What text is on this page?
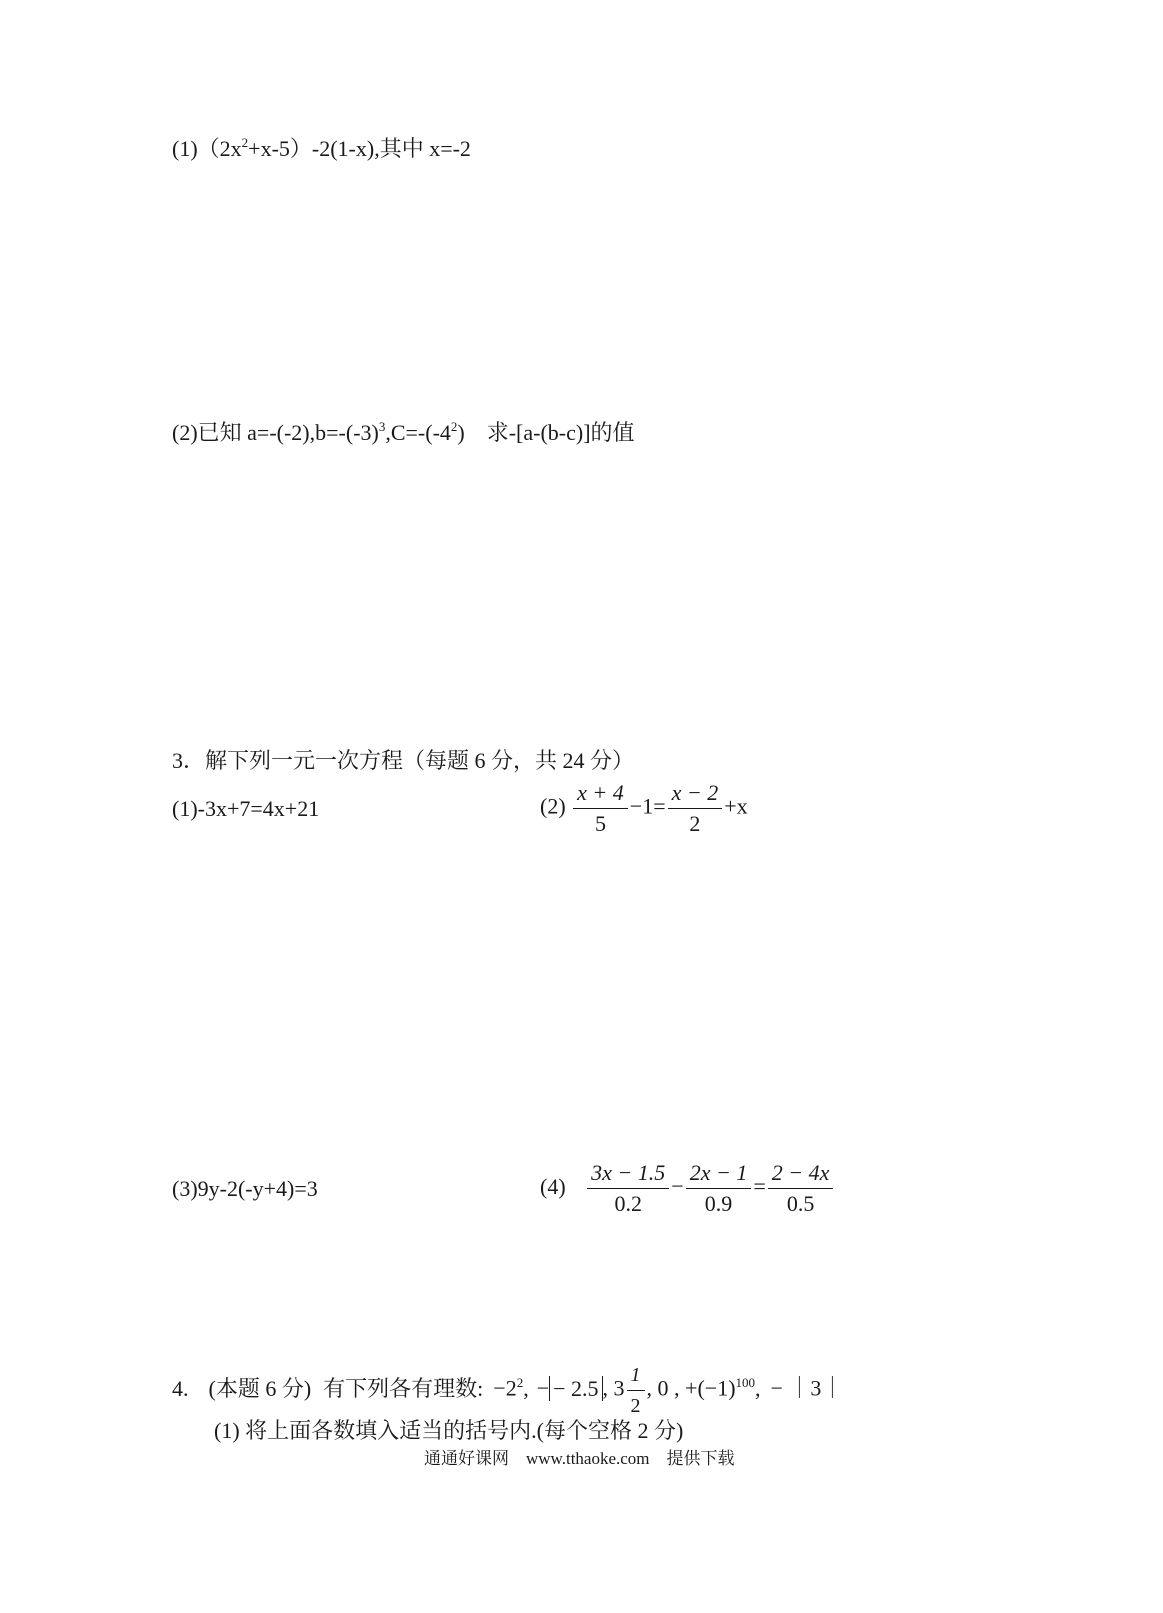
$(1)(2x^2+x-5)-2(1-x)$,其中 x=-2
(2)已知 $a=-(-2),b=-(-3)^3,C=-(-4^2)$　求-[a-(b-c)]的值
3．解下列一元一次方程（每题 6 分，共 24 分）
(1)-3x+7=4x+21	$(2) \frac{x + 4}{5} -1= \frac{x - 2}{2} +x$
(3)9y-2(-y+4)=3	$(4) \frac{3x - 1.5}{0.2} - \frac{2x - 1}{0.9} = \frac{2 - 4x}{0.5}$
4. (本题 6 分) 有下列各有理数: $-2^2$, − − 2.5 , $3 \frac{1}{2}$ , 0 , $+(-1)^{100}$, − ｜3｜
(1) 将上面各数填入适当的括号内.(每个空格 2 分)
通通好课网　www.tthaoke.com　提供下载
